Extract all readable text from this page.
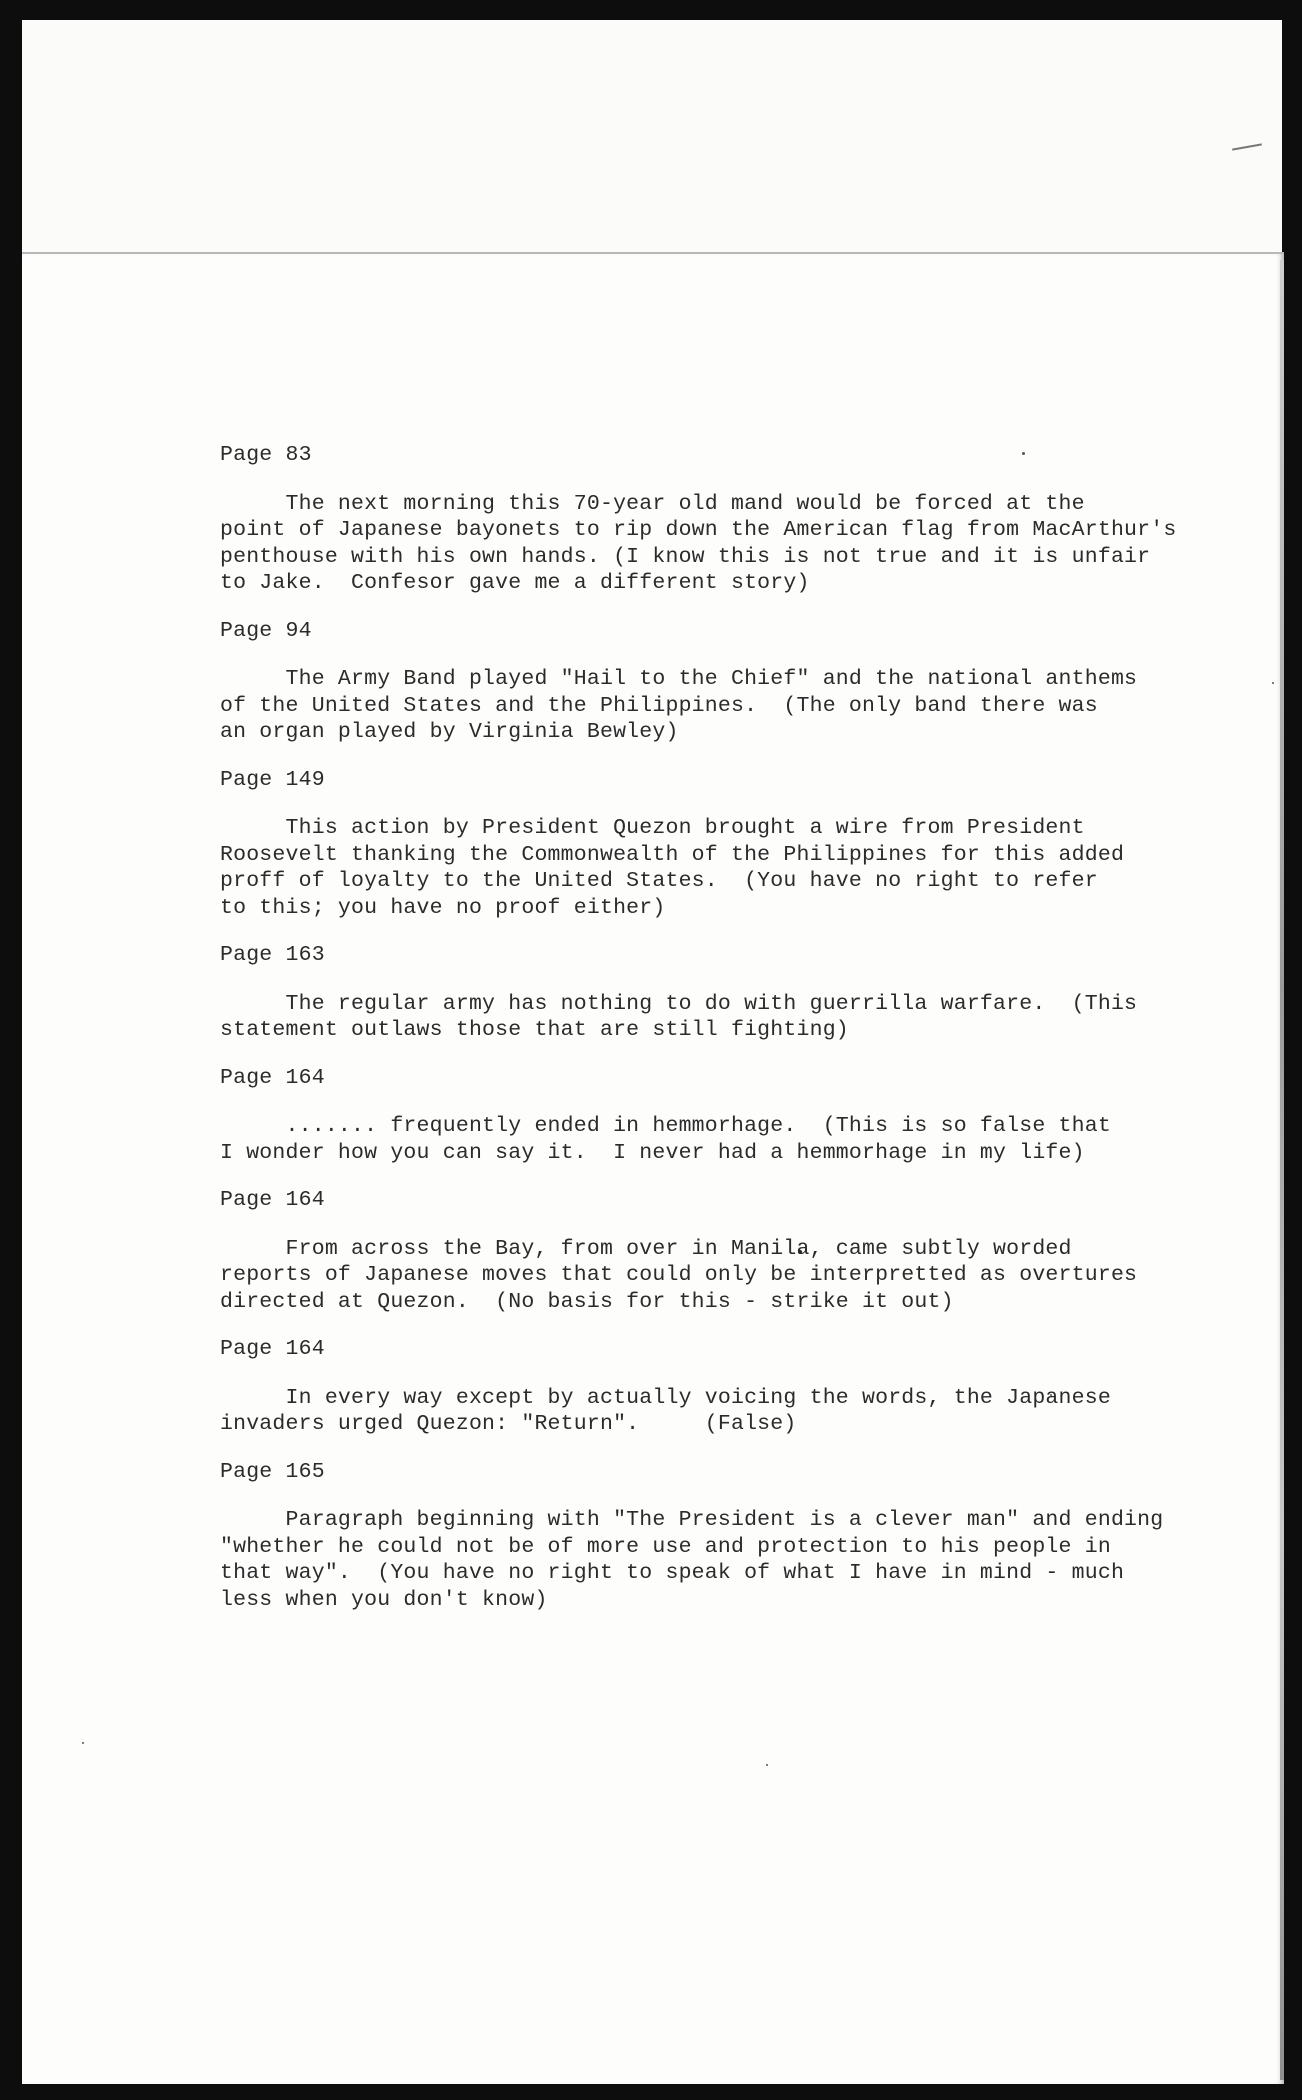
Page 83
The next morning this 70-year old mand would be forced at the
point of Japanese bayonets to rip down the American flag from MacArthur's
penthouse with his own hands. (I know this is not true and it is unfair
to Jake.  Confesor gave me a different story)
Page 94
The Army Band played "Hail to the Chief" and the national anthems
of the United States and the Philippines.  (The only band there was
an organ played by Virginia Bewley)
Page 149
This action by President Quezon brought a wire from President
Roosevelt thanking the Commonwealth of the Philippines for this added
proff of loyalty to the United States.  (You have no right to refer
to this; you have no proof either)
Page 163
The regular army has nothing to do with guerrilla warfare.  (This
statement outlaws those that are still fighting)
Page 164
....... frequently ended in hemmorhage.  (This is so false that
I wonder how you can say it.  I never had a hemmorhage in my life)
Page 164
From across the Bay, from over in Manila, came subtly worded
reports of Japanese moves that could only be interpretted as overtures
directed at Quezon.  (No basis for this - strike it out)
Page 164
In every way except by actually voicing the words, the Japanese
invaders urged Quezon: "Return".     (False)
Page 165
Paragraph beginning with "The President is a clever man" and ending
"whether he could not be of more use and protection to his people in
that way".  (You have no right to speak of what I have in mind - much
less when you don't know)
